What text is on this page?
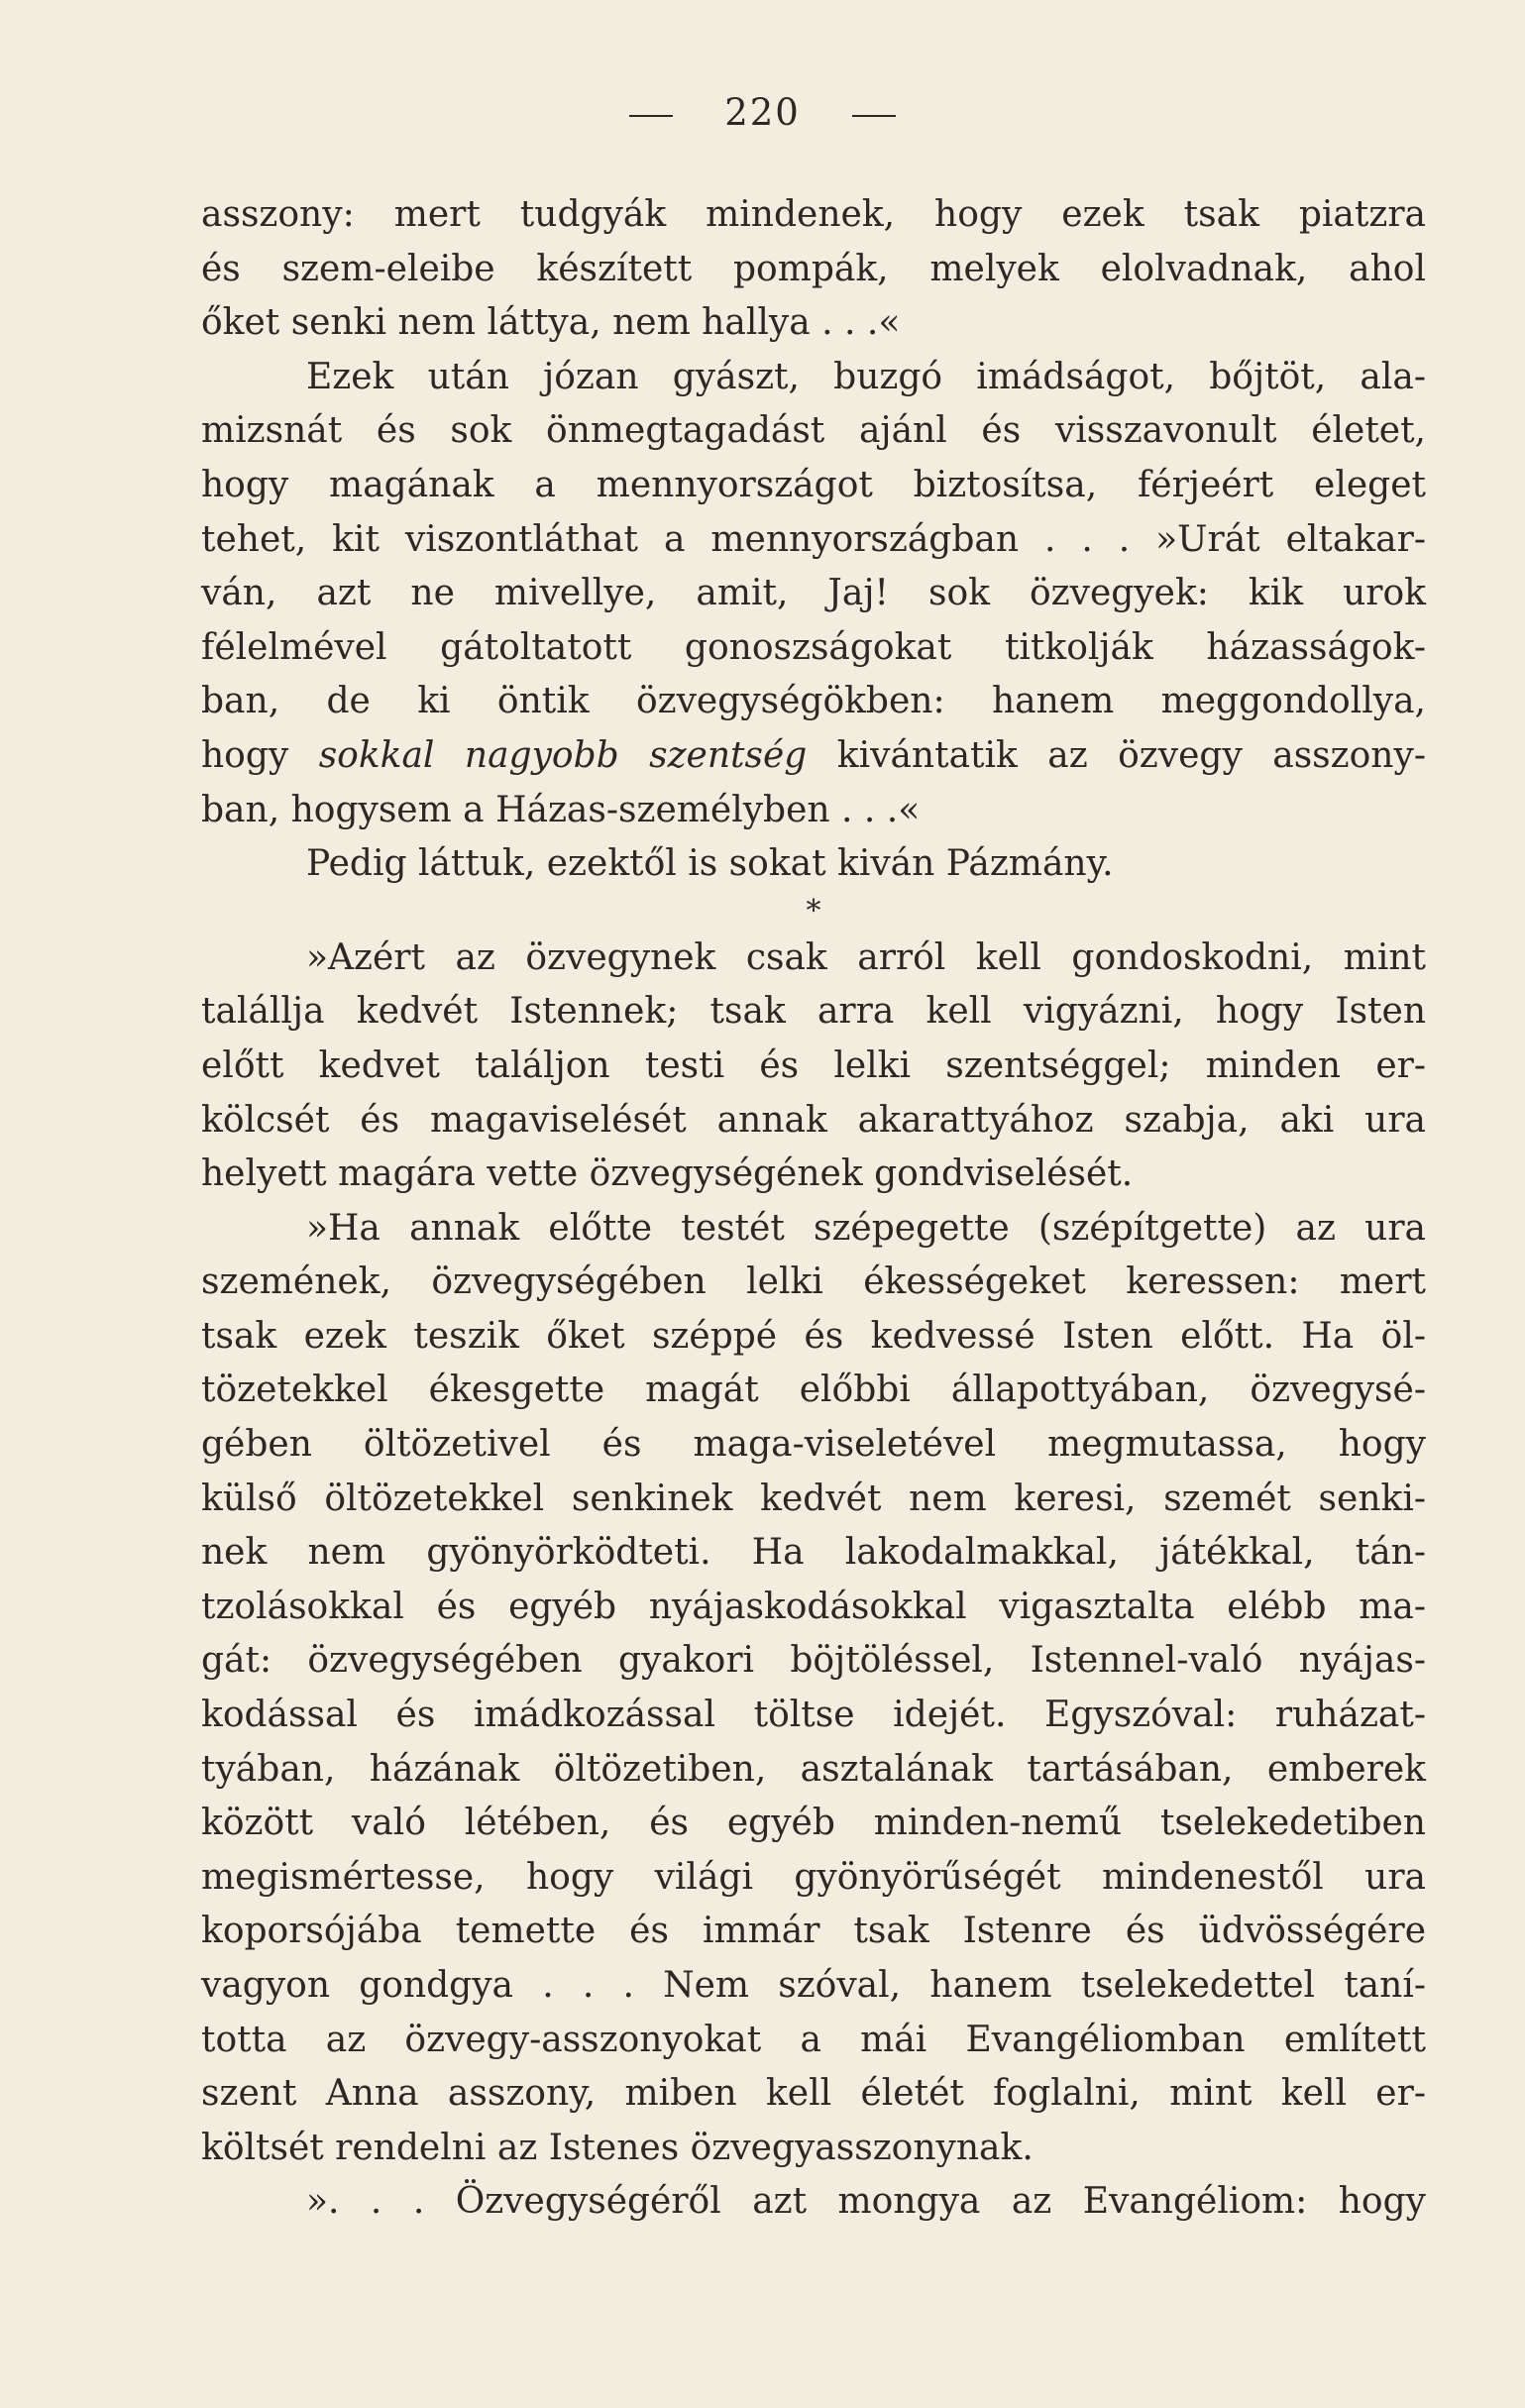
220
asszony: mert tudgyák mindenek, hogy ezek tsak piatzra
és szem-eleibe készített pompák, melyek elolvadnak, ahol
őket senki nem láttya, nem hallya . . .«
Ezek után józan gyászt, buzgó imádságot, bőjtöt, ala-
mizsnát és sok önmegtagadást ajánl és visszavonult életet,
hogy magának a mennyországot biztosítsa, férjeért eleget
tehet, kit viszontláthat a mennyországban . . . »Urát eltakar-
ván, azt ne mivellye, amit, Jaj! sok özvegyek: kik urok
félelmével gátoltatott gonoszságokat titkolják házasságok-
ban, de ki öntik özvegységökben: hanem meggondollya,
hogy sokkal nagyobb szentség kivántatik az özvegy asszony-
ban, hogysem a Házas-személyben . . .«
Pedig láttuk, ezektől is sokat kiván Pázmány.
*
»Azért az özvegynek csak arról kell gondoskodni, mint
talállja kedvét Istennek; tsak arra kell vigyázni, hogy Isten
előtt kedvet találjon testi és lelki szentséggel; minden er-
kölcsét és magaviselését annak akarattyához szabja, aki ura
helyett magára vette özvegységének gondviselését.
»Ha annak előtte testét szépegette (szépítgette) az ura
szemének, özvegységében lelki ékességeket keressen: mert
tsak ezek teszik őket széppé és kedvessé Isten előtt. Ha öl-
tözetekkel ékesgette magát előbbi állapottyában, özvegysé-
gében öltözetivel és maga-viseletével megmutassa, hogy
külső öltözetekkel senkinek kedvét nem keresi, szemét senki-
nek nem gyönyörködteti. Ha lakodalmakkal, játékkal, tán-
tzolásokkal és egyéb nyájaskodásokkal vigasztalta elébb ma-
gát: özvegységében gyakori böjtöléssel, Istennel-való nyájas-
kodással és imádkozással töltse idejét. Egyszóval: ruházat-
tyában, házának öltözetiben, asztalának tartásában, emberek
között való létében, és egyéb minden-nemű tselekedetiben
megismértesse, hogy világi gyönyörűségét mindenestől ura
koporsójába temette és immár tsak Istenre és üdvösségére
vagyon gondgya . . . Nem szóval, hanem tselekedettel taní-
totta az özvegy-asszonyokat a mái Evangéliomban említett
szent Anna asszony, miben kell életét foglalni, mint kell er-
költsét rendelni az Istenes özvegyasszonynak.
». . . Özvegységéről azt mongya az Evangéliom: hogy
